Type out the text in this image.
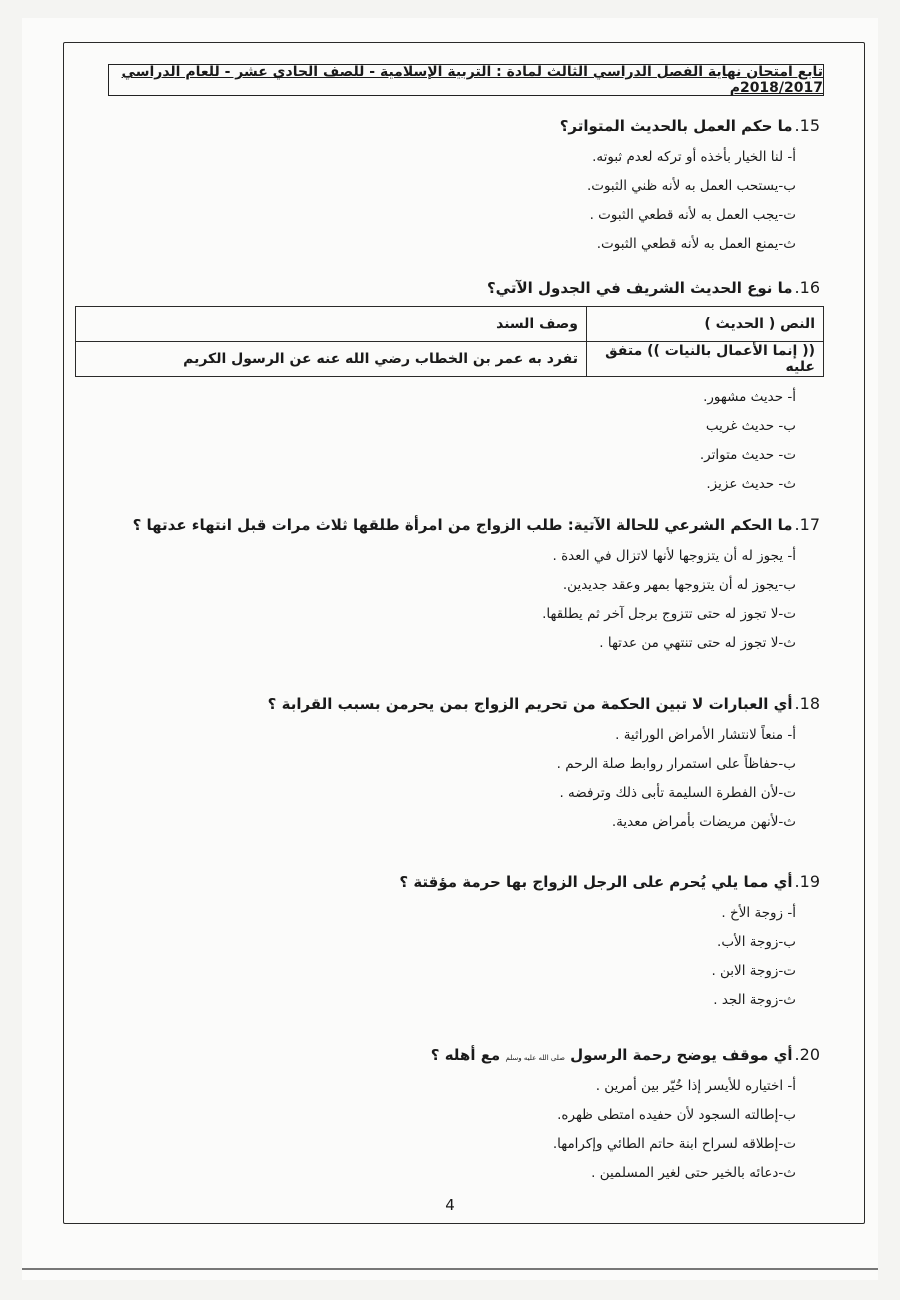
تابع امتحان نهاية الفصل الدراسي الثالث لمادة : التربية الإسلامية - للصف الحادي عشر - للعام الدراسي 2018/2017م
15.
ما حكم العمل بالحديث المتواتر؟
أ- لنا الخيار بأخذه أو تركه لعدم ثبوته.
ب-يستحب العمل به لأنه ظني الثبوت.
ت-يجب العمل به لأنه قطعي الثبوت .
ث-يمنع العمل به لأنه قطعي الثبوت.
16.
ما نوع الحديث الشريف في الجدول الآتي؟
أ- حديث مشهور.
ب- حديث غريب
ت- حديث متواتر.
ث- حديث عزيز.
17.
ما الحكم الشرعي للحالة الآتية: طلب الزواج من امرأة طلقها ثلاث مرات قبل انتهاء عدتها ؟
أ- يجوز له أن يتزوجها لأنها لاتزال في العدة .
ب-يجوز له أن يتزوجها بمهر وعقد جديدين.
ت-لا تجوز له حتى تتزوج برجل آخر ثم يطلقها.
ث-لا تجوز له حتى تنتهي من عدتها .
18.
أي العبارات لا تبين الحكمة من تحريم الزواج بمن يحرمن بسبب القرابة ؟
أ- منعاً لانتشار الأمراض الوراثية .
ب-حفاظاً على استمرار روابط صلة الرحم .
ت-لأن الفطرة السليمة تأبى ذلك وترفضه .
ث-لأنهن مريضات بأمراض معدية.
19.
أي مما يلي يُحرم على الرجل الزواج بها حرمة مؤقتة ؟
أ- زوجة الأخ .
ب-زوجة الأب.
ت-زوجة الابن .
ث-زوجة الجد .
20.
أي موقف يوضح رحمة الرسول صلى الله عليه وسلم مع أهله ؟
أ- اختياره للأيسر إذا خُيّر بين أمرين .
ب-إطالته السجود لأن حفيده امتطى ظهره.
ت-إطلاقه لسراح ابنة حاتم الطائي وإكرامها.
ث-دعائه بالخير حتى لغير المسلمين .
النص ( الحديث )	وصف السند
(( إنما الأعمال بالنيات )) متفق عليه	تفرد به عمر بن الخطاب رضي الله عنه عن الرسول الكريم
4
